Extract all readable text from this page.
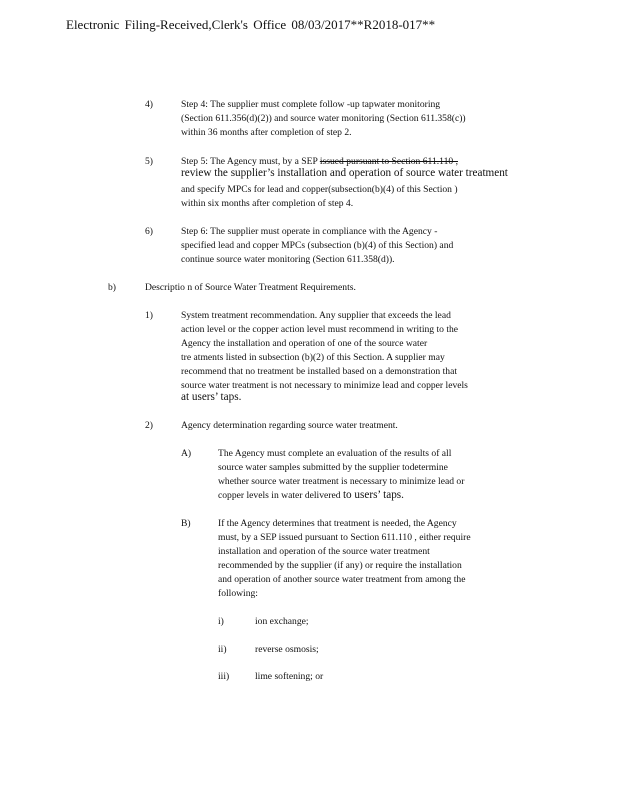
Electronic Filing-Received,Clerk's Office 08/03/2017**R2018-017**
4)	Step 4: The supplier must complete follow -up tapwater monitoring
(Section 611.356(d)(2)) and source water monitoring (Section 611.358(c))
within 36 months after completion of step 2.
5)	Step 5: The Agency must, by a SEP issued pursuant to Section 611.110 ,
review the supplier’s installation and operation of source water treatment
and specify MPCs for lead and copper(subsection(b)(4) of this Section )
within six months after completion of step 4.
6)	Step 6: The supplier must operate in compliance with the Agency -
specified lead and copper MPCs (subsection (b)(4) of this Section) and
continue source water monitoring (Section 611.358(d)).
b)	Descriptio n of Source Water Treatment Requirements.
1)	System treatment recommendation. Any supplier that exceeds the lead
action level or the copper action level must recommend in writing to the
Agency the installation and operation of one of the source water
tre atments listed in subsection (b)(2) of this Section. A supplier may
recommend that no treatment be installed based on a demonstration that
source water treatment is not necessary to minimize lead and copper levels
at users’ taps.
2)	Agency determination regarding source water treatment.
A)	The Agency must complete an evaluation of the results of all
source water samples submitted by the supplier todetermine
whether source water treatment is necessary to minimize lead or
copper levels in water delivered to users’ taps.
B)	If the Agency determines that treatment is needed, the Agency
must, by a SEP issued pursuant to Section 611.110 , either require
installation and operation of the source water treatment
recommended by the supplier (if any) or require the installation
and operation of another source water treatment from among the
following:
i)	ion exchange;
ii)	reverse osmosis;
iii)	lime softening; or
